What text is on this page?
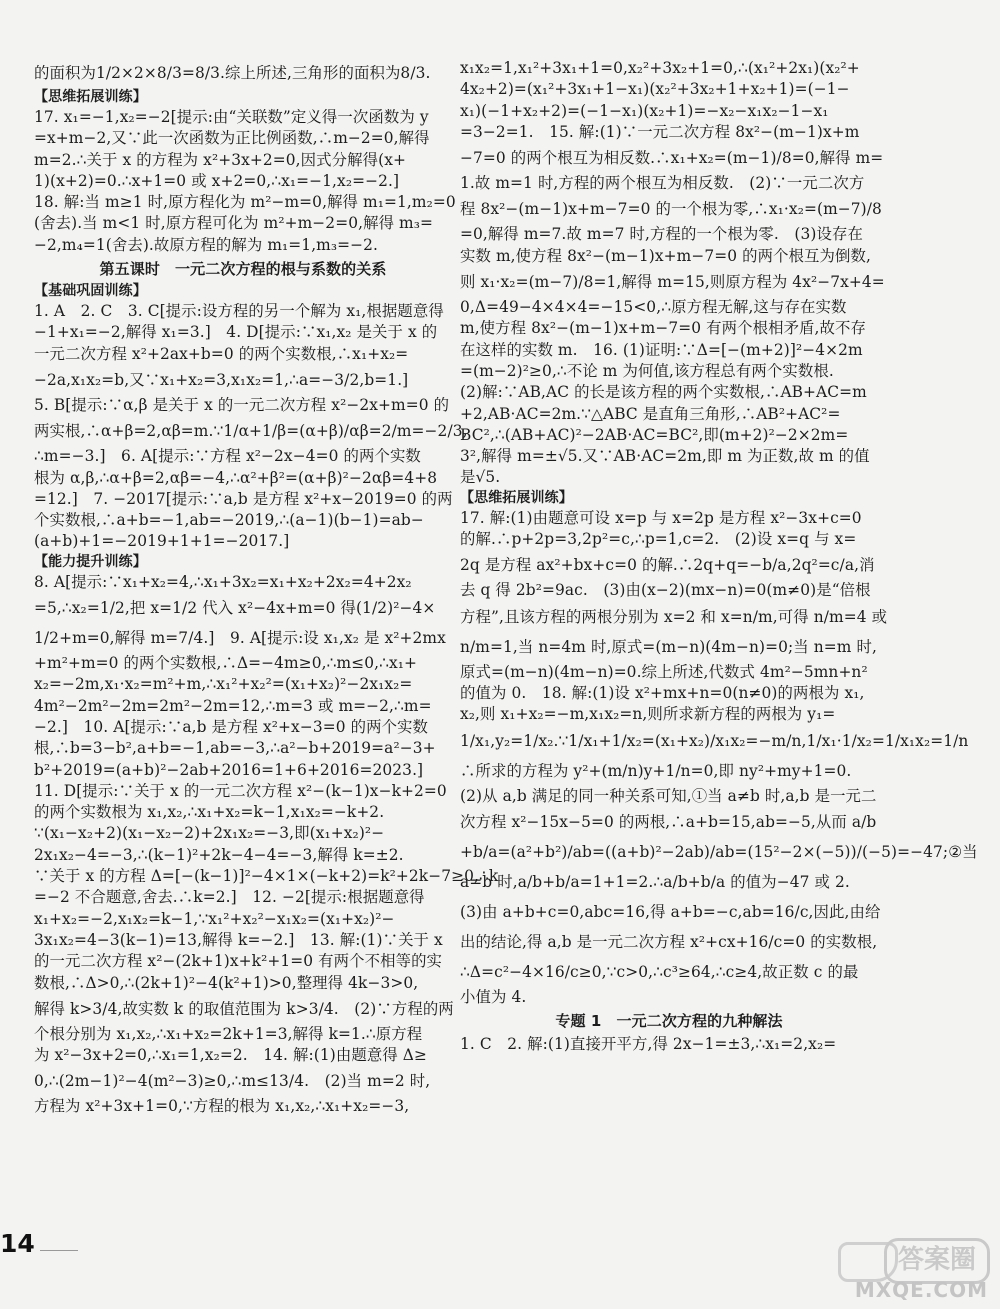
的面积为1/2×2×8/3=8/3.综上所述,三角形的面积为8/3.
【思维拓展训练】
17. x₁=−1,x₂=−2[提示:由“关联数”定义得一次函数为 y
=x+m−2,又∵此一次函数为正比例函数,∴m−2=0,解得
m=2.∴关于 x 的方程为 x²+3x+2=0,因式分解得(x+
1)(x+2)=0.∴x+1=0 或 x+2=0,∴x₁=−1,x₂=−2.]
18. 解:当 m≥1 时,原方程化为 m²−m=0,解得 m₁=1,m₂=0
(舍去).当 m<1 时,原方程可化为 m²+m−2=0,解得 m₃=
−2,m₄=1(舍去).故原方程的解为 m₁=1,m₃=−2.
第五课时　一元二次方程的根与系数的关系
【基础巩固训练】
1. A　2. C　3. C[提示:设方程的另一个解为 x₁,根据题意得
−1+x₁=−2,解得 x₁=3.]　4. D[提示:∵x₁,x₂ 是关于 x 的
一元二次方程 x²+2ax+b=0 的两个实数根,∴x₁+x₂=
−2a,x₁x₂=b,又∵x₁+x₂=3,x₁x₂=1,∴a=−3/2,b=1.]
5. B[提示:∵α,β 是关于 x 的一元二次方程 x²−2x+m=0 的
两实根,∴α+β=2,αβ=m.∵1/α+1/β=(α+β)/αβ=2/m=−2/3,
∴m=−3.]　6. A[提示:∵方程 x²−2x−4=0 的两个实数
根为 α,β,∴α+β=2,αβ=−4,∴α²+β²=(α+β)²−2αβ=4+8
=12.]　7. −2017[提示:∵a,b 是方程 x²+x−2019=0 的两
个实数根,∴a+b=−1,ab=−2019,∴(a−1)(b−1)=ab−
(a+b)+1=−2019+1+1=−2017.]
【能力提升训练】
8. A[提示:∵x₁+x₂=4,∴x₁+3x₂=x₁+x₂+2x₂=4+2x₂
=5,∴x₂=1/2,把 x=1/2 代入 x²−4x+m=0 得(1/2)²−4×
1/2+m=0,解得 m=7/4.]　9. A[提示:设 x₁,x₂ 是 x²+2mx
+m²+m=0 的两个实数根,∴Δ=−4m≥0,∴m≤0,∴x₁+
x₂=−2m,x₁·x₂=m²+m,∴x₁²+x₂²=(x₁+x₂)²−2x₁x₂=
4m²−2m²−2m=2m²−2m=12,∴m=3 或 m=−2,∴m=
−2.]　10. A[提示:∵a,b 是方程 x²+x−3=0 的两个实数
根,∴b=3−b²,a+b=−1,ab=−3,∴a²−b+2019=a²−3+
b²+2019=(a+b)²−2ab+2016=1+6+2016=2023.]
11. D[提示:∵关于 x 的一元二次方程 x²−(k−1)x−k+2=0
的两个实数根为 x₁,x₂,∴x₁+x₂=k−1,x₁x₂=−k+2.
∵(x₁−x₂+2)(x₁−x₂−2)+2x₁x₂=−3,即(x₁+x₂)²−
2x₁x₂−4=−3,∴(k−1)²+2k−4−4=−3,解得 k=±2.
∵关于 x 的方程 Δ=[−(k−1)]²−4×1×(−k+2)=k²+2k−7≥0,∴k
=−2 不合题意,舍去.∴k=2.]　12. −2[提示:根据题意得
x₁+x₂=−2,x₁x₂=k−1,∵x₁²+x₂²−x₁x₂=(x₁+x₂)²−
3x₁x₂=4−3(k−1)=13,解得 k=−2.]　13. 解:(1)∵关于 x
的一元二次方程 x²−(2k+1)x+k²+1=0 有两个不相等的实
数根,∴Δ>0,∴(2k+1)²−4(k²+1)>0,整理得 4k−3>0,
解得 k>3/4,故实数 k 的取值范围为 k>3/4.　(2)∵方程的两
个根分别为 x₁,x₂,∴x₁+x₂=2k+1=3,解得 k=1.∴原方程
为 x²−3x+2=0,∴x₁=1,x₂=2.　14. 解:(1)由题意得 Δ≥
0,∴(2m−1)²−4(m²−3)≥0,∴m≤13/4.　(2)当 m=2 时,
方程为 x²+3x+1=0,∵方程的根为 x₁,x₂,∴x₁+x₂=−3,
x₁x₂=1,x₁²+3x₁+1=0,x₂²+3x₂+1=0,∴(x₁²+2x₁)(x₂²+
4x₂+2)=(x₁²+3x₁+1−x₁)(x₂²+3x₂+1+x₂+1)=(−1−
x₁)(−1+x₂+2)=(−1−x₁)(x₂+1)=−x₂−x₁x₂−1−x₁
=3−2=1.　15. 解:(1)∵一元二次方程 8x²−(m−1)x+m
−7=0 的两个根互为相反数.∴x₁+x₂=(m−1)/8=0,解得 m=
1.故 m=1 时,方程的两个根互为相反数.　(2)∵一元二次方
程 8x²−(m−1)x+m−7=0 的一个根为零,∴x₁·x₂=(m−7)/8
=0,解得 m=7.故 m=7 时,方程的一个根为零.　(3)设存在
实数 m,使方程 8x²−(m−1)x+m−7=0 的两个根互为倒数,
则 x₁·x₂=(m−7)/8=1,解得 m=15,则原方程为 4x²−7x+4=
0,Δ=49−4×4×4=−15<0,∴原方程无解,这与存在实数
m,使方程 8x²−(m−1)x+m−7=0 有两个根相矛盾,故不存
在这样的实数 m.　16. (1)证明:∵Δ=[−(m+2)]²−4×2m
=(m−2)²≥0,∴不论 m 为何值,该方程总有两个实数根.
(2)解:∵AB,AC 的长是该方程的两个实数根,∴AB+AC=m
+2,AB·AC=2m.∵△ABC 是直角三角形,∴AB²+AC²=
BC²,∴(AB+AC)²−2AB·AC=BC²,即(m+2)²−2×2m=
3²,解得 m=±√5.又∵AB·AC=2m,即 m 为正数,故 m 的值
是√5.
【思维拓展训练】
17. 解:(1)由题意可设 x=p 与 x=2p 是方程 x²−3x+c=0
的解.∴p+2p=3,2p²=c,∴p=1,c=2.　(2)设 x=q 与 x=
2q 是方程 ax²+bx+c=0 的解.∴2q+q=−b/a,2q²=c/a,消
去 q 得 2b²=9ac.　(3)由(x−2)(mx−n)=0(m≠0)是“倍根
方程”,且该方程的两根分别为 x=2 和 x=n/m,可得 n/m=4 或
n/m=1,当 n=4m 时,原式=(m−n)(4m−n)=0;当 n=m 时,
原式=(m−n)(4m−n)=0.综上所述,代数式 4m²−5mn+n²
的值为 0.　18. 解:(1)设 x²+mx+n=0(n≠0)的两根为 x₁,
x₂,则 x₁+x₂=−m,x₁x₂=n,则所求新方程的两根为 y₁=
1/x₁,y₂=1/x₂.∵1/x₁+1/x₂=(x₁+x₂)/x₁x₂=−m/n,1/x₁·1/x₂=1/x₁x₂=1/n
∴所求的方程为 y²+(m/n)y+1/n=0,即 ny²+my+1=0.
(2)从 a,b 满足的同一种关系可知,①当 a≠b 时,a,b 是一元二
次方程 x²−15x−5=0 的两根,∴a+b=15,ab=−5,从而 a/b
+b/a=(a²+b²)/ab=((a+b)²−2ab)/ab=(15²−2×(−5))/(−5)=−47;②当
a=b 时,a/b+b/a=1+1=2.∴a/b+b/a 的值为−47 或 2.
(3)由 a+b+c=0,abc=16,得 a+b=−c,ab=16/c,因此,由给
出的结论,得 a,b 是一元二次方程 x²+cx+16/c=0 的实数根,
∴Δ=c²−4×16/c≥0,∵c>0,∴c³≥64,∴c≥4,故正数 c 的最
小值为 4.
专题 1　一元二次方程的九种解法
1. C　2. 解:(1)直接开平方,得 2x−1=±3,∴x₁=2,x₂=
14
答案圈
MXQE.COM
